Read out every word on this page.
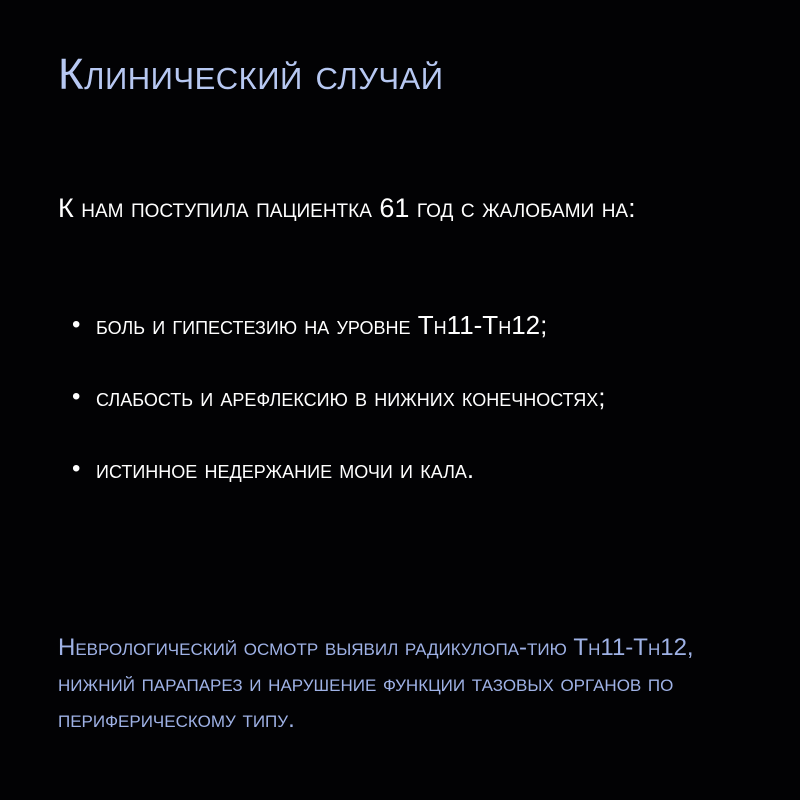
Клинический случай

К нам поступила пациентка 61 год с жалобами на:

• боль и гипестезию на уровне Тн11-Тн12;
• слабость и арефлексию в нижних конечностях;
• истинное недержание мочи и кала.

Неврологический осмотр выявил радикулопа-тию Тн11-Тн12, нижний парапарез и нарушение функции тазовых органов по периферическому типу.
